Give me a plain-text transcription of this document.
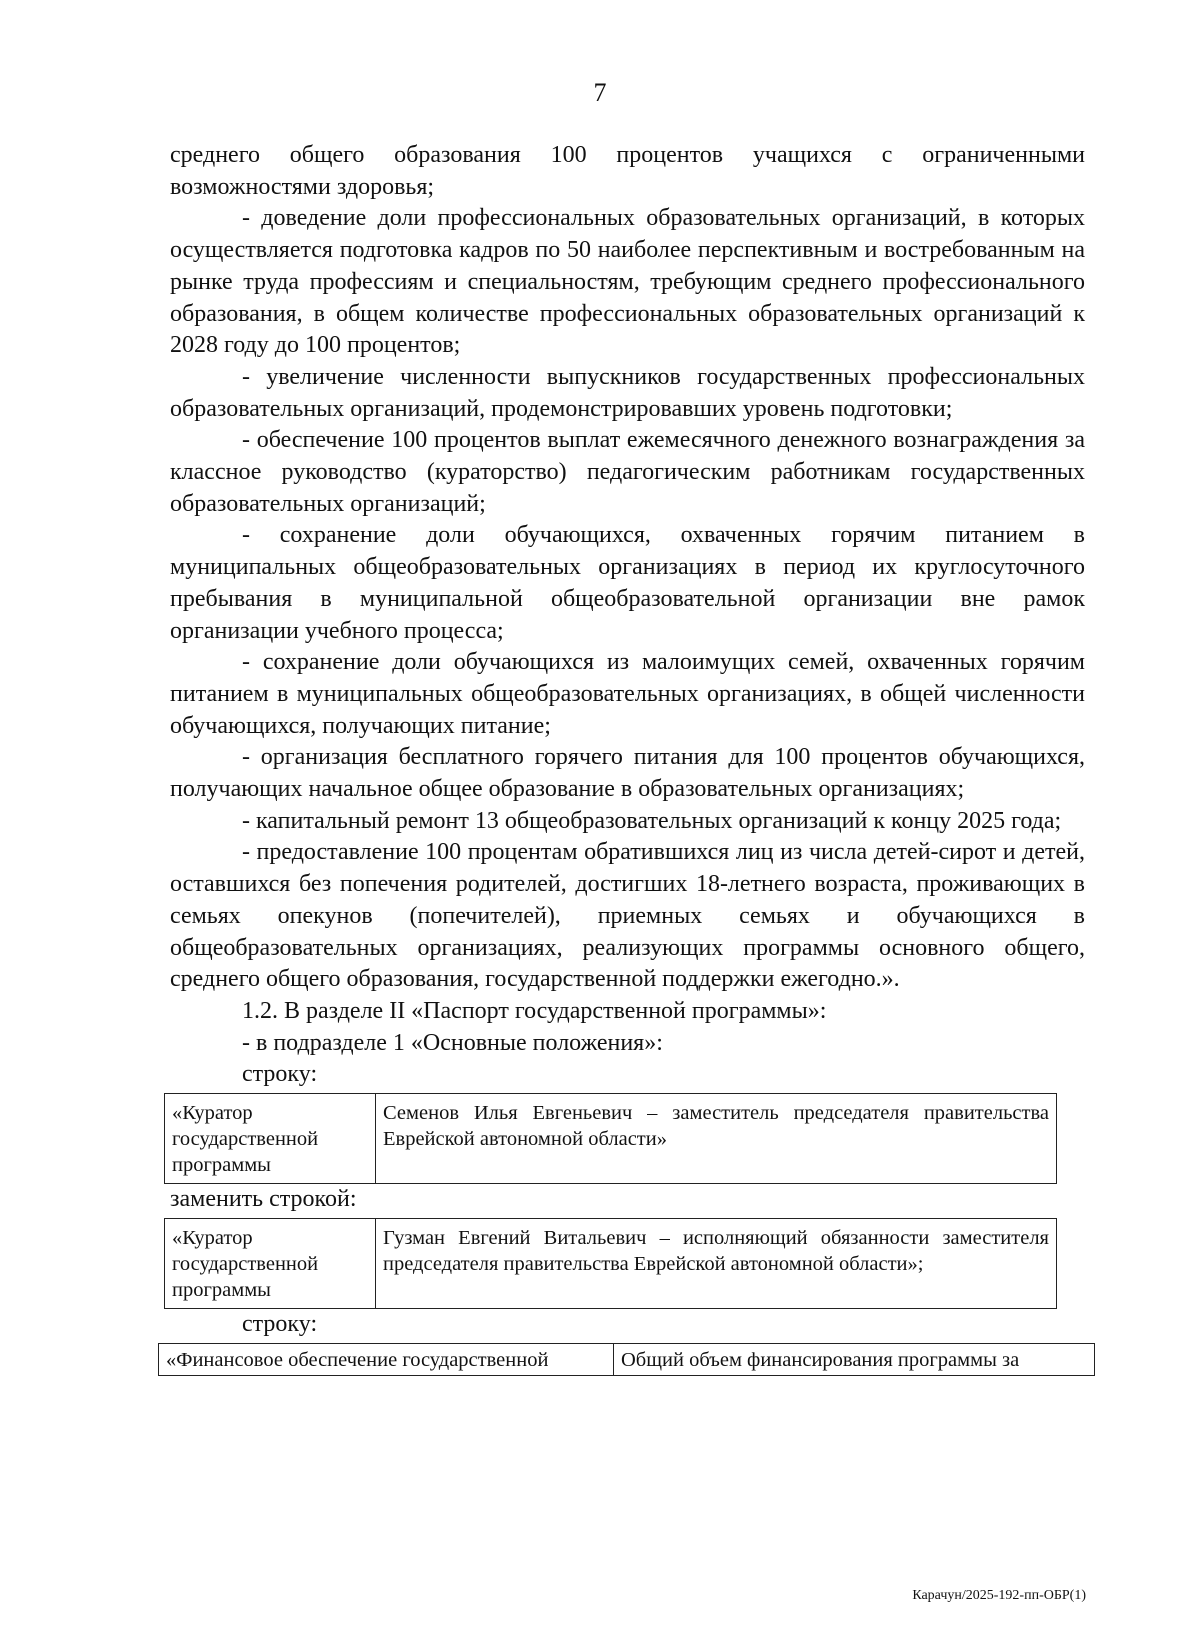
7

среднего общего образования 100 процентов учащихся с ограниченными возможностями здоровья;

- доведение доли профессиональных образовательных организаций, в которых осуществляется подготовка кадров по 50 наиболее перспективным и востребованным на рынке труда профессиям и специальностям, требующим среднего профессионального образования, в общем количестве профессиональных образовательных организаций к 2028 году до 100 процентов;

- увеличение численности выпускников государственных профессиональных образовательных организаций, продемонстрировавших уровень подготовки;

- обеспечение 100 процентов выплат ежемесячного денежного вознаграждения за классное руководство (кураторство) педагогическим работникам государственных образовательных организаций;

- сохранение доли обучающихся, охваченных горячим питанием в муниципальных общеобразовательных организациях в период их круглосуточного пребывания в муниципальной общеобразовательной организации вне рамок организации учебного процесса;

- сохранение доли обучающихся из малоимущих семей, охваченных горячим питанием в муниципальных общеобразовательных организациях, в общей численности обучающихся, получающих питание;

- организация бесплатного горячего питания для 100 процентов обучающихся, получающих начальное общее образование в образовательных организациях;

- капитальный ремонт 13 общеобразовательных организаций к концу 2025 года;

- предоставление 100 процентам обратившихся лиц из числа детей-сирот и детей, оставшихся без попечения родителей, достигших 18-летнего возраста, проживающих в семьях опекунов (попечителей), приемных семьях и обучающихся в общеобразовательных организациях, реализующих программы основного общего, среднего общего образования, государственной поддержки ежегодно.».

1.2. В разделе II «Паспорт государственной программы»:

- в подразделе 1 «Основные положения»:

строку:

«Куратор государственной программы	Семенов Илья Евгеньевич – заместитель председателя правительства Еврейской автономной области»

заменить строкой:

«Куратор государственной программы	Гузман Евгений Витальевич – исполняющий обязанности заместителя председателя правительства Еврейской автономной области»;

строку:

«Финансовое обеспечение государственной	Общий объем финансирования программы за
Карачун/2025-192-пп-ОБР(1)
